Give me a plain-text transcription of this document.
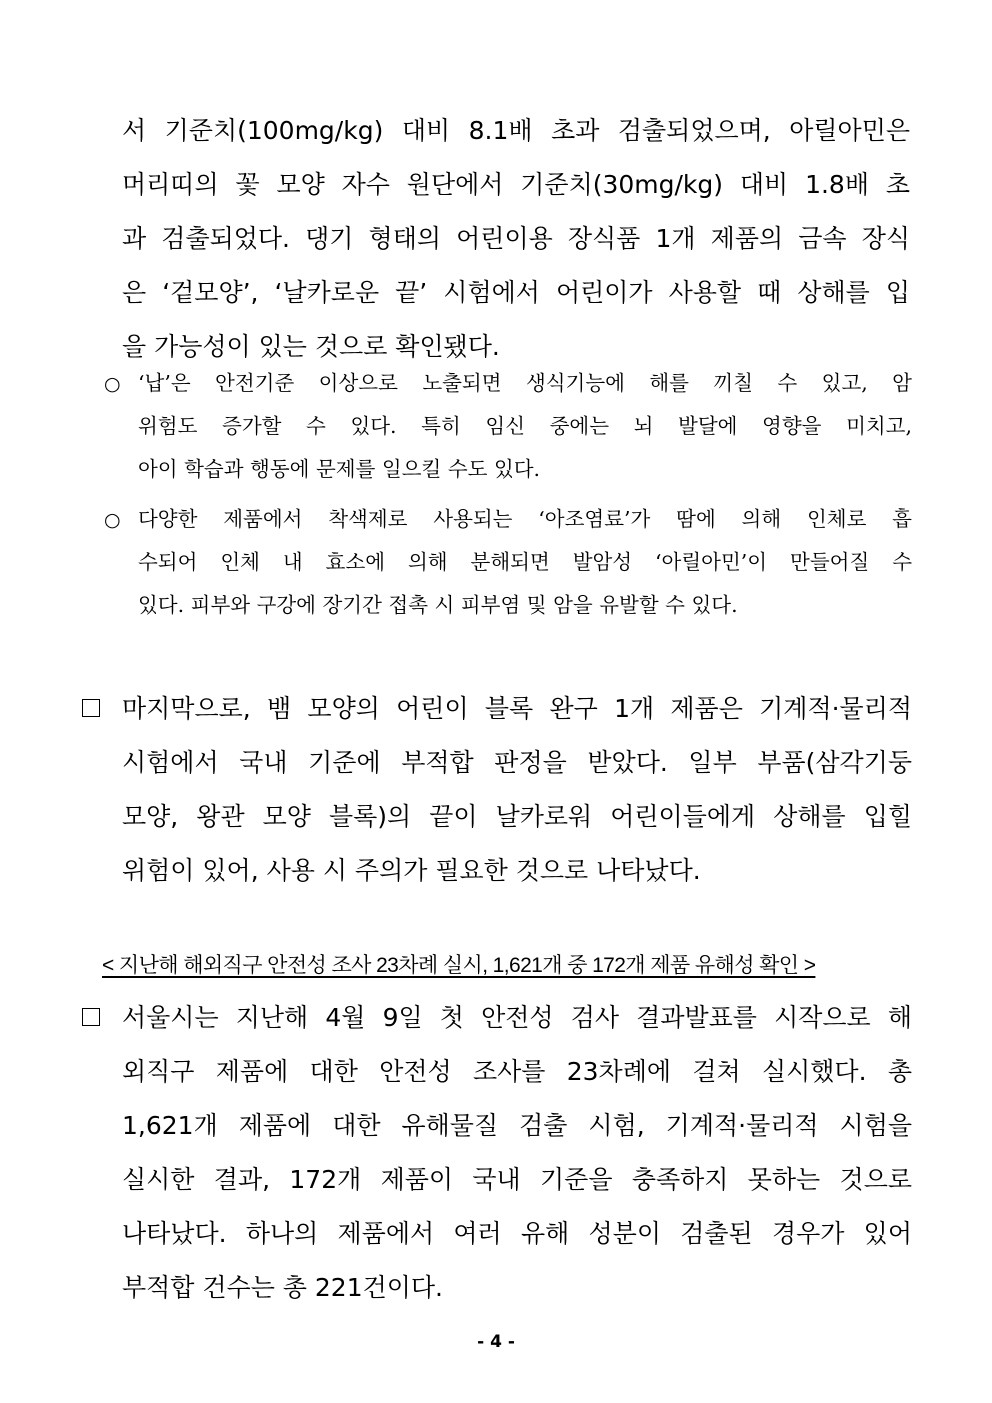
서 기준치(100mg/kg) 대비 8.1배 초과 검출되었으며, 아릴아민은
머리띠의 꽃 모양 자수 원단에서 기준치(30mg/kg) 대비 1.8배 초
과 검출되었다. 댕기 형태의 어린이용 장식품 1개 제품의 금속 장식
은 ‘겉모양’, ‘날카로운 끝’ 시험에서 어린이가 사용할 때 상해를 입
을 가능성이 있는 것으로 확인됐다.
○ ‘납’은 안전기준 이상으로 노출되면 생식기능에 해를 끼칠 수 있고, 암
위험도 증가할 수 있다. 특히 임신 중에는 뇌 발달에 영향을 미치고,
아이 학습과 행동에 문제를 일으킬 수도 있다.
○ 다양한 제품에서 착색제로 사용되는 ‘아조염료’가 땀에 의해 인체로 흡
수되어 인체 내 효소에 의해 분해되면 발암성 ‘아릴아민’이 만들어질 수
있다. 피부와 구강에 장기간 접촉 시 피부염 및 암을 유발할 수 있다.
마지막으로, 뱀 모양의 어린이 블록 완구 1개 제품은 기계적·물리적
시험에서 국내 기준에 부적합 판정을 받았다. 일부 부품(삼각기둥
모양, 왕관 모양 블록)의 끝이 날카로워 어린이들에게 상해를 입힐
위험이 있어, 사용 시 주의가 필요한 것으로 나타났다.
< 지난해 해외직구 안전성 조사 23차례 실시, 1,621개 중 172개 제품 유해성 확인 >
서울시는 지난해 4월 9일 첫 안전성 검사 결과발표를 시작으로 해
외직구 제품에 대한 안전성 조사를 23차례에 걸쳐 실시했다. 총
1,621개 제품에 대한 유해물질 검출 시험, 기계적·물리적 시험을
실시한 결과, 172개 제품이 국내 기준을 충족하지 못하는 것으로
나타났다. 하나의 제품에서 여러 유해 성분이 검출된 경우가 있어
부적합 건수는 총 221건이다.
- 4 -
